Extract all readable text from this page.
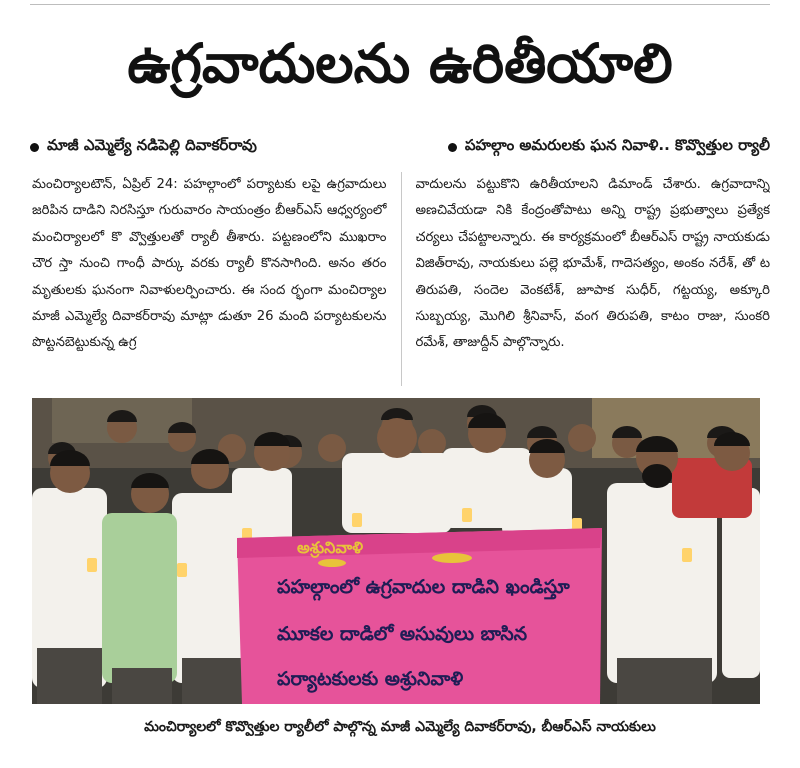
ఉగ్రవాదులను ఉరితీయాలి
మాజీ ఎమ్మెల్యే నడిపెల్లి దివాకర్‌రావు	పహల్గాం అమరులకు ఘన నివాళి.. కొవ్వొత్తుల ర్యాలీ
మంచిర్యాలటౌన్, ఏప్రిల్ 24: పహల్గాంలో పర్యాటకు లపై ఉగ్రవాదులు జరిపిన దాడిని నిరసిస్తూ గురువారం సాయంత్రం బీఆర్ఎస్ ఆధ్వర్యంలో మంచిర్యాలలో కొ వ్వొత్తులతో ర్యాలీ తీశారు. పట్టణంలోని ముఖరాం చౌర స్తా నుంచి గాంధీ పార్కు వరకు ర్యాలీ కొనసాగింది. అనం తరం మృతులకు ఘనంగా నివాళులర్పించారు. ఈ సంద ర్భంగా మంచిర్యాల మాజీ ఎమ్మెల్యే దివాకర్‌రావు మాట్లా డుతూ 26 మంది పర్యాటకులను పొట్టనబెట్టుకున్న ఉగ్ర
వాదులను పట్టుకొని ఉరితీయాలని డిమాండ్ చేశారు. ఉగ్రవాదాన్ని అణచివేయడా నికి కేంద్రంతోపాటు అన్ని రాష్ట్ర ప్రభుత్వాలు ప్రత్యేక చర్యలు చేపట్టాలన్నారు. ఈ కార్యక్రమంలో బీఆర్ఎస్ రాష్ట్ర నాయకుడు విజిత్‌రావు, నాయకులు పల్లె భూమేశ్, గాదెసత్యం, అంకం నరేశ్, తో ట తిరుపతి, సందెల వెంకటేశ్, జూపాక సుధీర్, గట్టయ్య, అక్కూరి సుబ్బయ్య, మొగిలి శ్రీనివాస్, వంగ తిరుపతి, కాటం రాజు, సుంకరి రమేశ్, తాజుద్దీన్ పాల్గొన్నారు.
అశ్రునివాళి
పహల్గాంలో ఉగ్రవాదుల దాడిని ఖండిస్తూ
మూకల దాడిలో అసువులు బాసిన
పర్యాటకులకు అశ్రునివాళి
మంచిర్యాలలో కొవ్వొత్తుల ర్యాలీలో పాల్గొన్న మాజీ ఎమ్మెల్యే దివాకర్‌రావు, బీఆర్ఎస్ నాయకులు
